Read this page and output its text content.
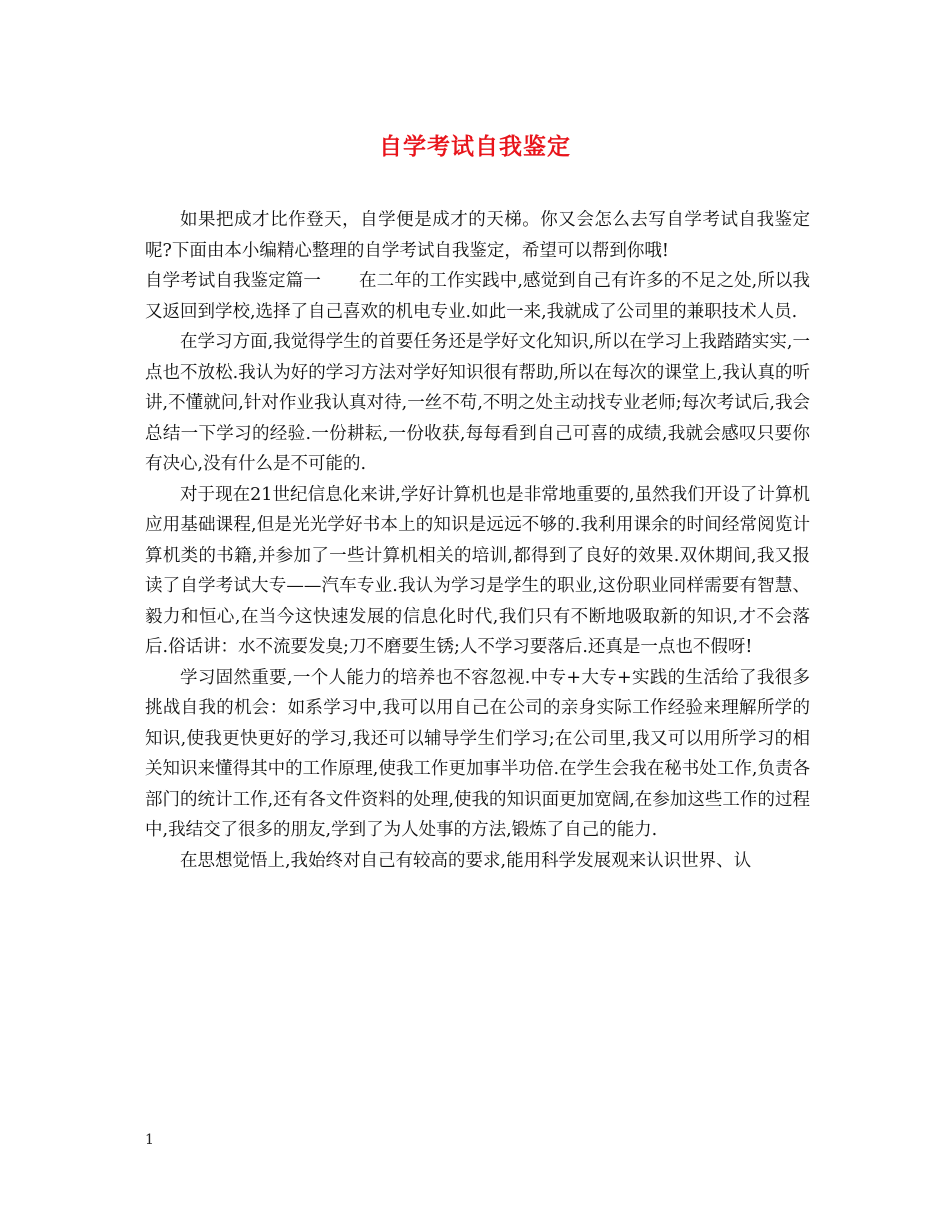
自学考试自我鉴定

如果把成才比作登天，自学便是成才的天梯。你又会怎么去写自学考试自我鉴定呢?下面由本小编精心整理的自学考试自我鉴定，希望可以帮到你哦!

自学考试自我鉴定篇一 在二年的工作实践中,感觉到自己有许多的不足之处,所以我又返回到学校,选择了自己喜欢的机电专业.如此一来,我就成了公司里的兼职技术人员.

在学习方面,我觉得学生的首要任务还是学好文化知识,所以在学习上我踏踏实实,一点也不放松.我认为好的学习方法对学好知识很有帮助,所以在每次的课堂上,我认真的听讲,不懂就问,针对作业我认真对待,一丝不苟,不明之处主动找专业老师;每次考试后,我会总结一下学习的经验.一份耕耘,一份收获,每每看到自己可喜的成绩,我就会感叹只要你有决心,没有什么是不可能的.

对于现在21世纪信息化来讲,学好计算机也是非常地重要的,虽然我们开设了计算机应用基础课程,但是光光学好书本上的知识是远远不够的.我利用课余的时间经常阅览计算机类的书籍,并参加了一些计算机相关的培训,都得到了良好的效果.双休期间,我又报读了自学考试大专——汽车专业.我认为学习是学生的职业,这份职业同样需要有智慧、毅力和恒心,在当今这快速发展的信息化时代,我们只有不断地吸取新的知识,才不会落后.俗话讲：水不流要发臭;刀不磨要生锈;人不学习要落后.还真是一点也不假呀!

学习固然重要,一个人能力的培养也不容忽视.中专+大专+实践的生活给了我很多挑战自我的机会：如系学习中,我可以用自己在公司的亲身实际工作经验来理解所学的知识,使我更快更好的学习,我还可以辅导学生们学习;在公司里,我又可以用所学习的相关知识来懂得其中的工作原理,使我工作更加事半功倍.在学生会我在秘书处工作,负责各部门的统计工作,还有各文件资料的处理,使我的知识面更加宽阔,在参加这些工作的过程中,我结交了很多的朋友,学到了为人处事的方法,锻炼了自己的能力.

在思想觉悟上,我始终对自己有较高的要求,能用科学发展观来认识世界、认

1
